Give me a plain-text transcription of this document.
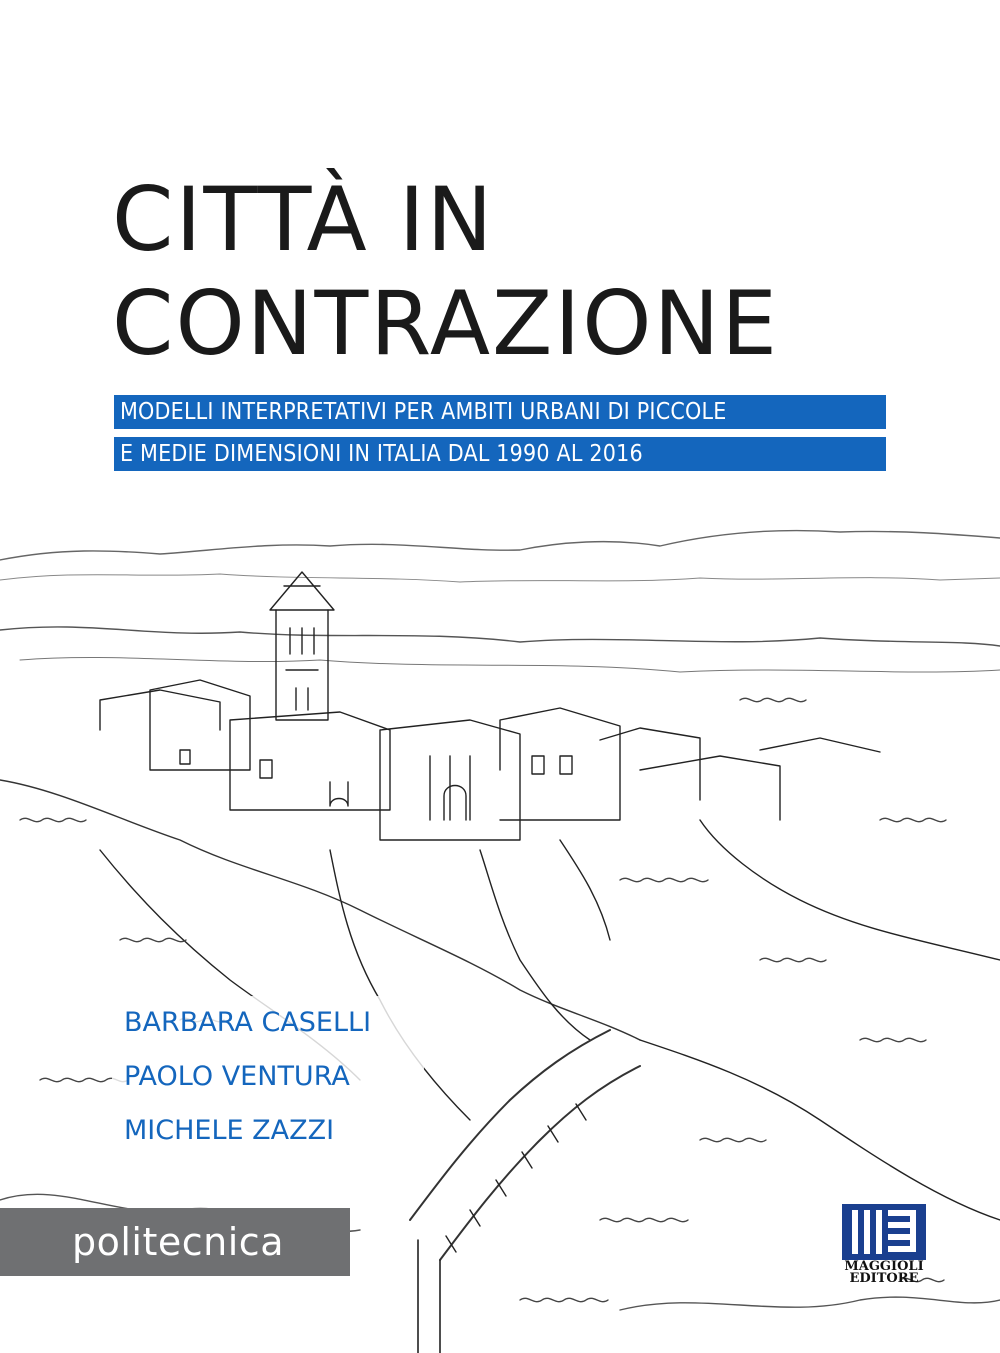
CITTÀ IN
CONTRAZIONE
MODELLI INTERPRETATIVI PER AMBITI URBANI DI PICCOLE
E MEDIE DIMENSIONI IN ITALIA DAL 1990 AL 2016
BARBARA CASELLI
PAOLO VENTURA
MICHELE ZAZZI
politecnica
MAGGIOLI
EDITORE
